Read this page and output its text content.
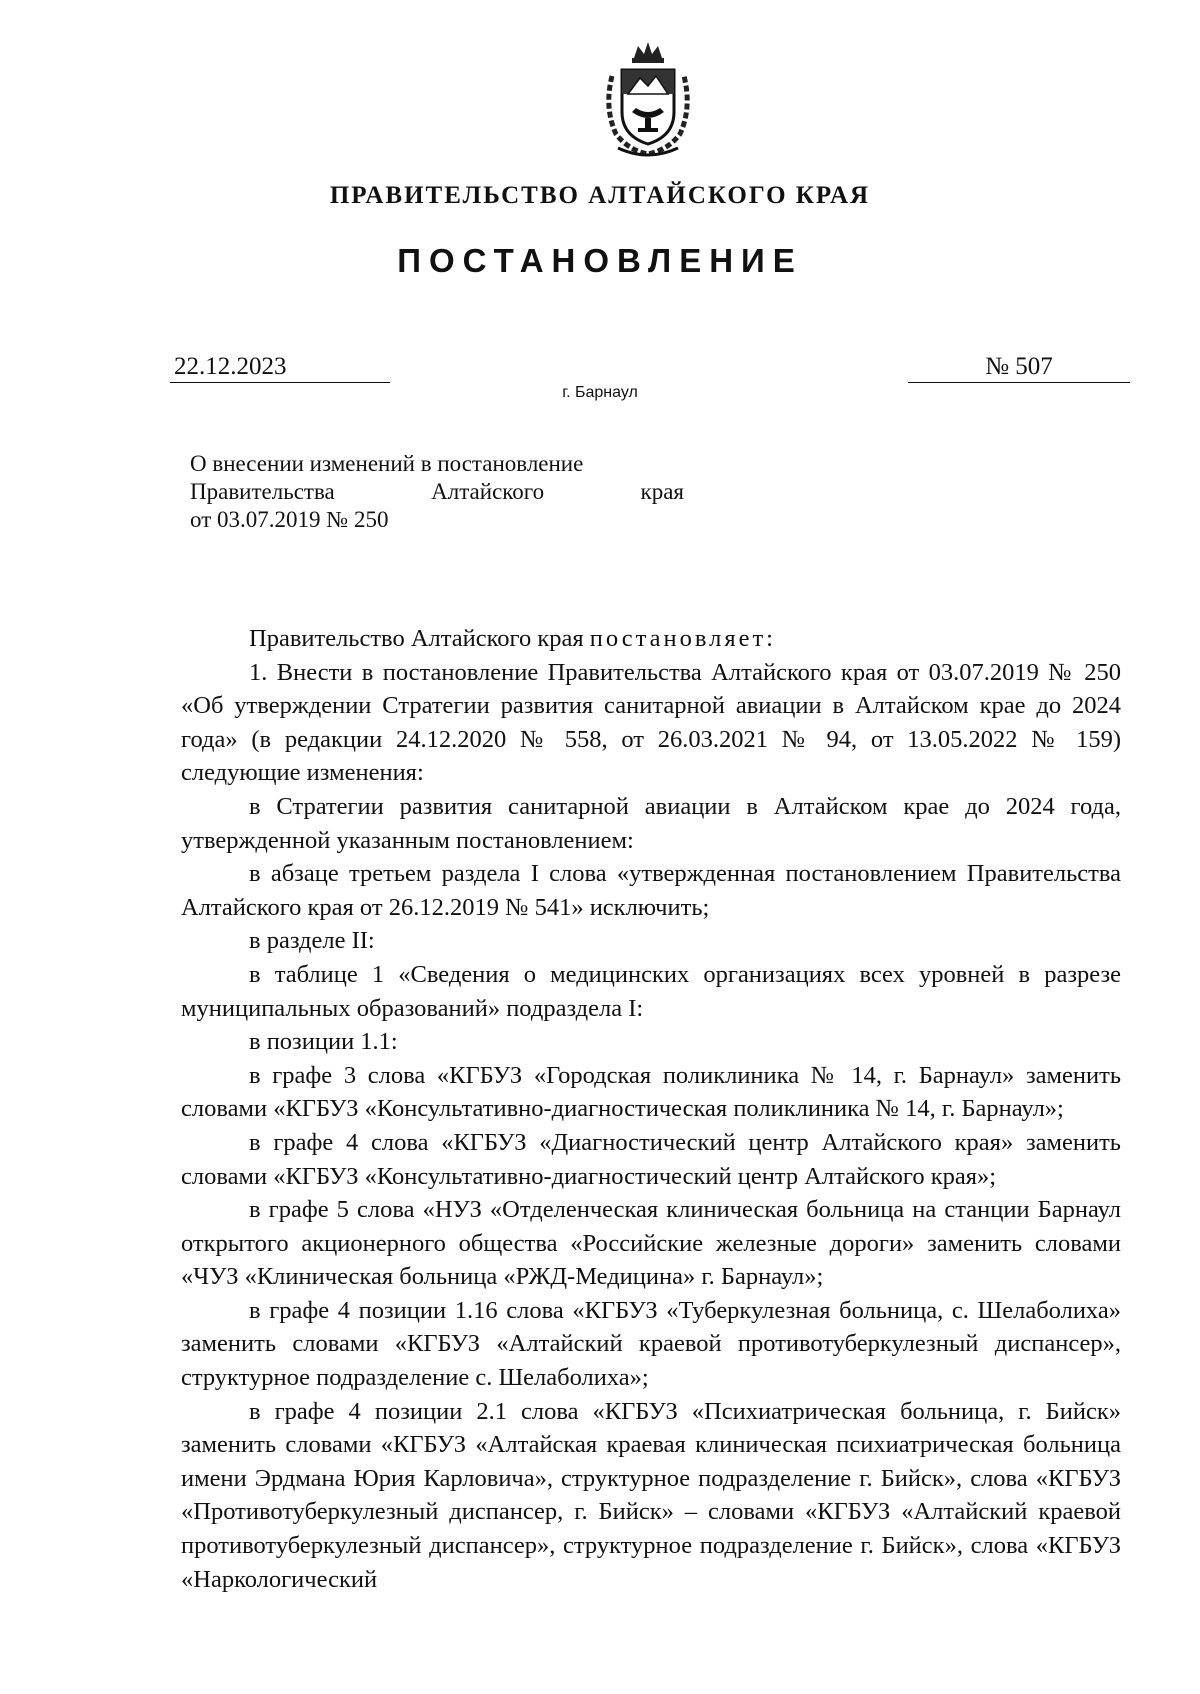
ПРАВИТЕЛЬСТВО АЛТАЙСКОГО КРАЯ
ПОСТАНОВЛЕНИЕ
22.12.2023	№ 507
г. Барнаул
О внесении изменений в постановление
Правительства Алтайского края
от 03.07.2019 № 250

Правительство Алтайского края постановляет:

1. Внести в постановление Правительства Алтайского края от 03.07.2019 № 250 «Об утверждении Стратегии развития санитарной авиации в Алтайском крае до 2024 года» (в редакции 24.12.2020 № 558, от 26.03.2021 № 94, от 13.05.2022 № 159) следующие изменения:

в Стратегии развития санитарной авиации в Алтайском крае до 2024 года, утвержденной указанным постановлением:

в абзаце третьем раздела I слова «утвержденная постановлением Правительства Алтайского края от 26.12.2019 № 541» исключить;

в разделе II:

в таблице 1 «Сведения о медицинских организациях всех уровней в разрезе муниципальных образований» подраздела I:

в позиции 1.1:

в графе 3 слова «КГБУЗ «Городская поликлиника № 14, г. Барнаул» заменить словами «КГБУЗ «Консультативно-диагностическая поликлиника № 14, г. Барнаул»;

в графе 4 слова «КГБУЗ «Диагностический центр Алтайского края» заменить словами «КГБУЗ «Консультативно-диагностический центр Алтайского края»;

в графе 5 слова «НУЗ «Отделенческая клиническая больница на станции Барнаул открытого акционерного общества «Российские железные дороги» заменить словами «ЧУЗ «Клиническая больница «РЖД-Медицина» г. Барнаул»;

в графе 4 позиции 1.16 слова «КГБУЗ «Туберкулезная больница, с. Шелаболиха» заменить словами «КГБУЗ «Алтайский краевой противотуберкулезный диспансер», структурное подразделение с. Шелаболиха»;

в графе 4 позиции 2.1 слова «КГБУЗ «Психиатрическая больница, г. Бийск» заменить словами «КГБУЗ «Алтайская краевая клиническая психиатрическая больница имени Эрдмана Юрия Карловича», структурное подразделение г. Бийск», слова «КГБУЗ «Противотуберкулезный диспансер, г. Бийск» – словами «КГБУЗ «Алтайский краевой противотуберкулезный диспансер», структурное подразделение г. Бийск», слова «КГБУЗ «Наркологический
